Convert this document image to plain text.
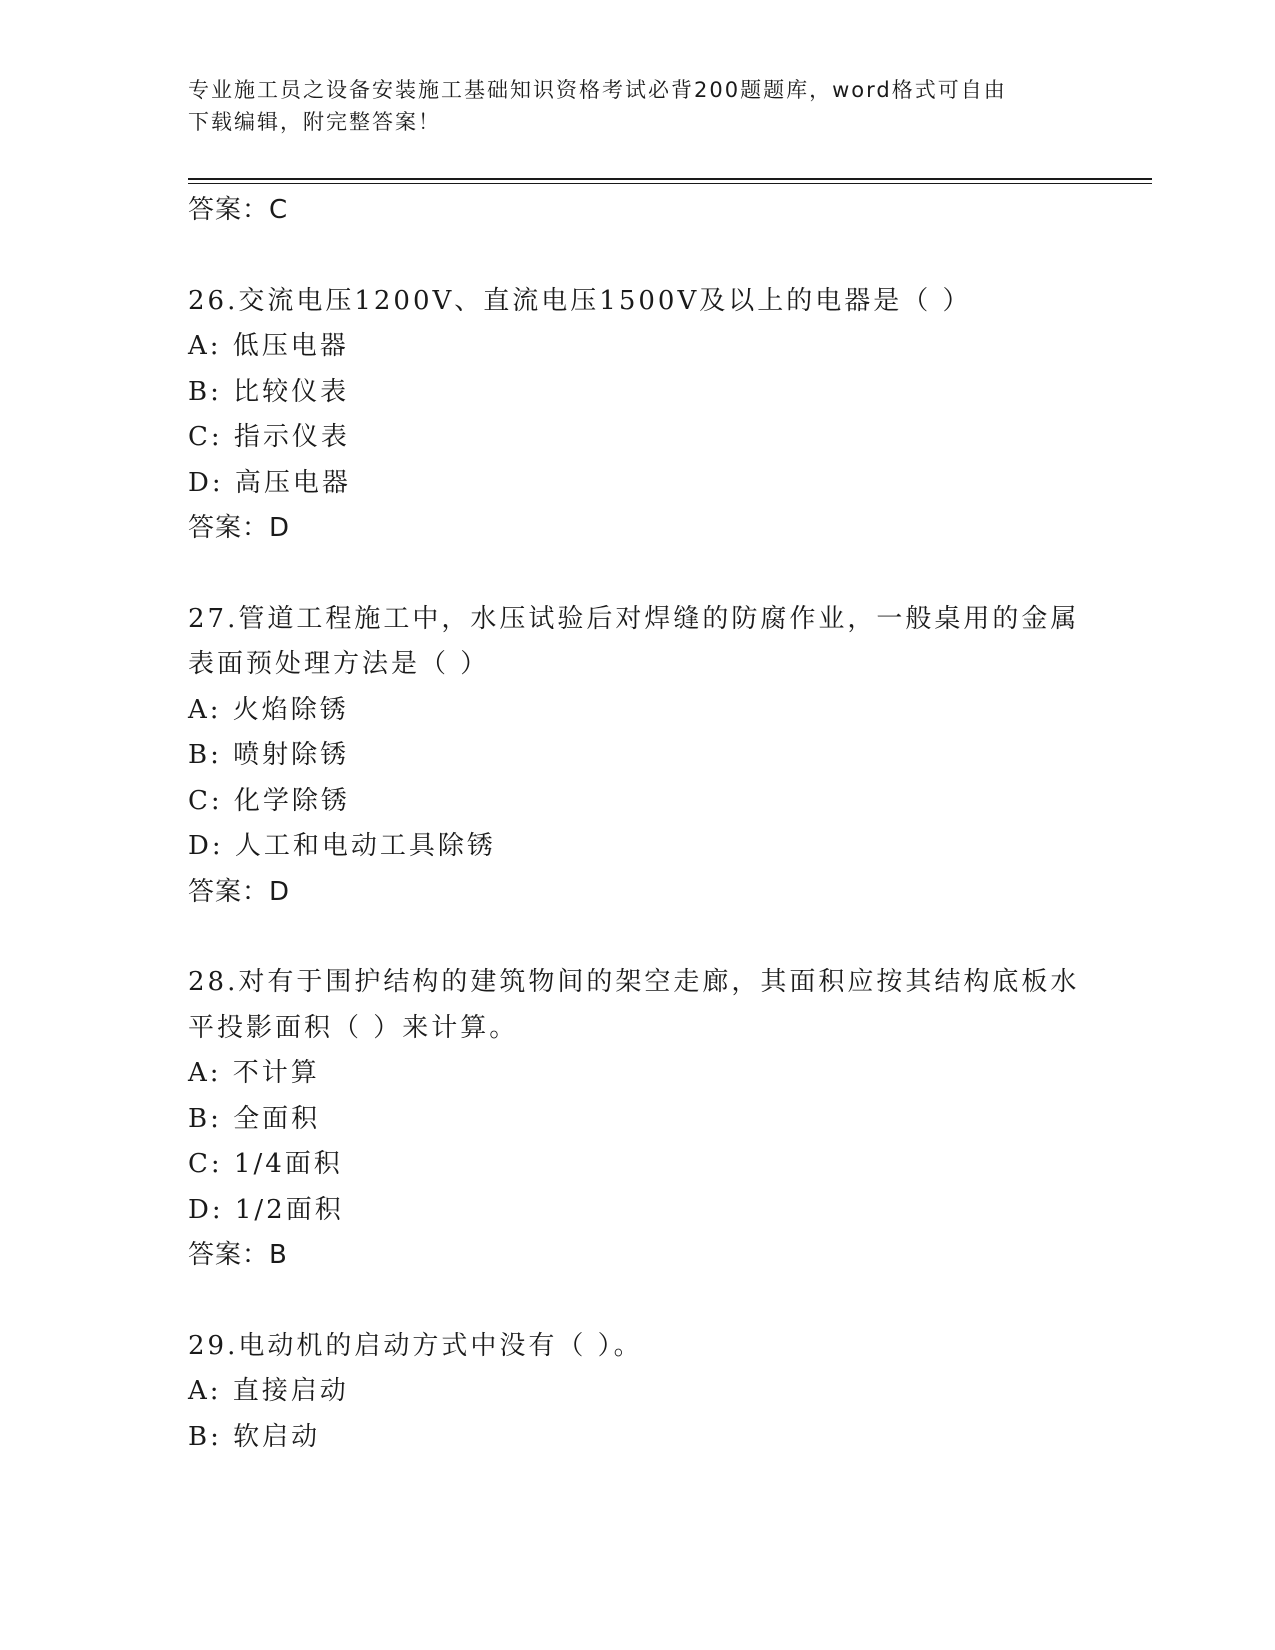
专业施工员之设备安装施工基础知识资格考试必背200题题库，word格式可自由
下载编辑，附完整答案！
答案：C
26.交流电压1200V、直流电压1500V及以上的电器是（ ）
A: 低压电器
B: 比较仪表
C: 指示仪表
D: 高压电器
答案：D
27.管道工程施工中，水压试验后对焊缝的防腐作业，一般桌用的金属
表面预处理方法是（ ）
A: 火焰除锈
B: 喷射除锈
C: 化学除锈
D: 人工和电动工具除锈
答案：D
28.对有于围护结构的建筑物间的架空走廊，其面积应按其结构底板水
平投影面积（ ）来计算。
A: 不计算
B: 全面积
C: 1/4面积
D: 1/2面积
答案：B
29.电动机的启动方式中没有（ ）。
A: 直接启动
B: 软启动
